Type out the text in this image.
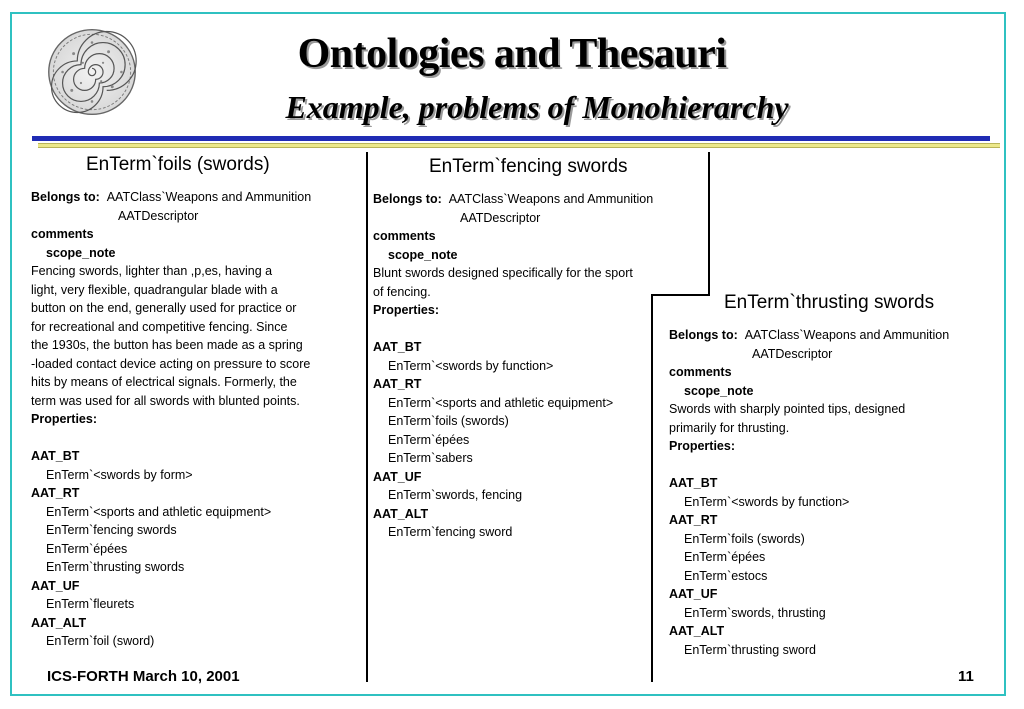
Ontologies and Thesauri
Example, problems of Monohierarchy
EnTerm`foils (swords)
Belongs to: AATClass`Weapons and Ammunition
AATDescriptor
comments
scope_note
Fencing swords, lighter than ,p,es, having a
light, very flexible, quadrangular blade with a
button on the end, generally used for practice or
for recreational and competitive fencing. Since
the 1930s, the button has been made as a spring
-loaded contact device acting on pressure to score
hits by means of electrical signals. Formerly, the
term was used for all swords with blunted points.
Properties:
AAT_BT
EnTerm`<swords by form>
AAT_RT
EnTerm`<sports and athletic equipment>
EnTerm`fencing swords
EnTerm`épées
EnTerm`thrusting swords
AAT_UF
EnTerm`fleurets
AAT_ALT
EnTerm`foil (sword)
EnTerm`fencing swords
Belongs to: AATClass`Weapons and Ammunition
AATDescriptor
comments
scope_note
Blunt swords designed specifically for the sport
of fencing.
Properties:
AAT_BT
EnTerm`<swords by function>
AAT_RT
EnTerm`<sports and athletic equipment>
EnTerm`foils (swords)
EnTerm`épées
EnTerm`sabers
AAT_UF
EnTerm`swords, fencing
AAT_ALT
EnTerm`fencing sword
EnTerm`thrusting swords
Belongs to: AATClass`Weapons and Ammunition
AATDescriptor
comments
scope_note
Swords with sharply pointed tips, designed
primarily for thrusting.
Properties:
AAT_BT
EnTerm`<swords by function>
AAT_RT
EnTerm`foils (swords)
EnTerm`épées
EnTerm`estocs
AAT_UF
EnTerm`swords, thrusting
AAT_ALT
EnTerm`thrusting sword
ICS-FORTH March 10, 2001	11
